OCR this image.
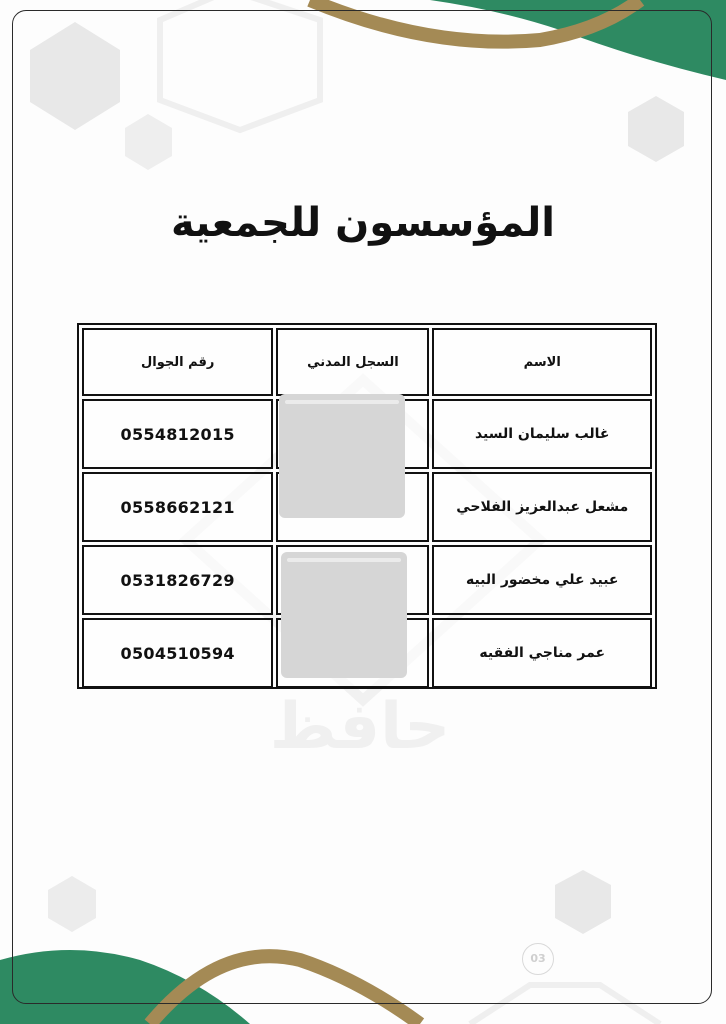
حافظ
المؤسسون للجمعية
الاسم	السجل المدني	رقم الجوال
غالب سليمان السيد		0554812015
مشعل عبدالعزيز الفلاحي		0558662121
عبيد علي مخضور البيه		0531826729
عمر مناجي الفقيه		0504510594
03
